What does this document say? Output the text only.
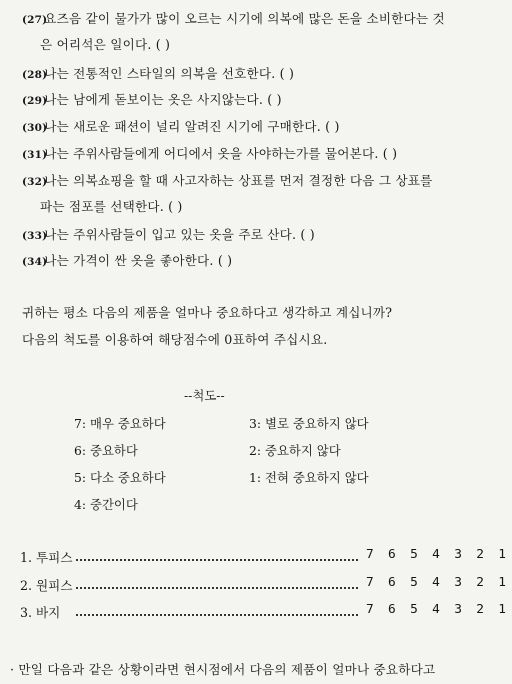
(27) 요즈음 같이 물가가 많이 오르는 시기에 의복에 많은 돈을 소비한다는 것
은 어리석은 일이다. ( )
(28) 나는 전통적인 스타일의 의복을 선호한다. ( )
(29) 나는 남에게 돋보이는 옷은 사지않는다. ( )
(30) 나는 새로운 패션이 널리 알려진 시기에 구매한다. ( )
(31) 나는 주위사람들에게 어디에서 옷을 사야하는가를 물어본다. ( )
(32) 나는 의복쇼핑을 할 때 사고자하는 상표를 먼저 결정한 다음 그 상표를
파는 점포를 선택한다. ( )
(33) 나는 주위사람들이 입고 있는 옷을 주로 산다. ( )
(34) 나는 가격이 싼 옷을 좋아한다. ( )
귀하는 평소 다음의 제품을 얼마나 중요하다고 생각하고 계십니까?
다음의 척도를 이용하여 해당점수에 0표하여 주십시요.
--척도--
7: 매우 중요하다
6: 중요하다
5: 다소 중요하다
4: 중간이다
3: 별로 중요하지 않다
2: 중요하지 않다
1: 전혀 중요하지 않다
1. 투피스	7 6 5 4 3 2 1
2. 원피스	7 6 5 4 3 2 1
3. 바지	7 6 5 4 3 2 1
· 만일 다음과 같은 상황이라면 현시점에서 다음의 제품이 얼마나 중요하다고
